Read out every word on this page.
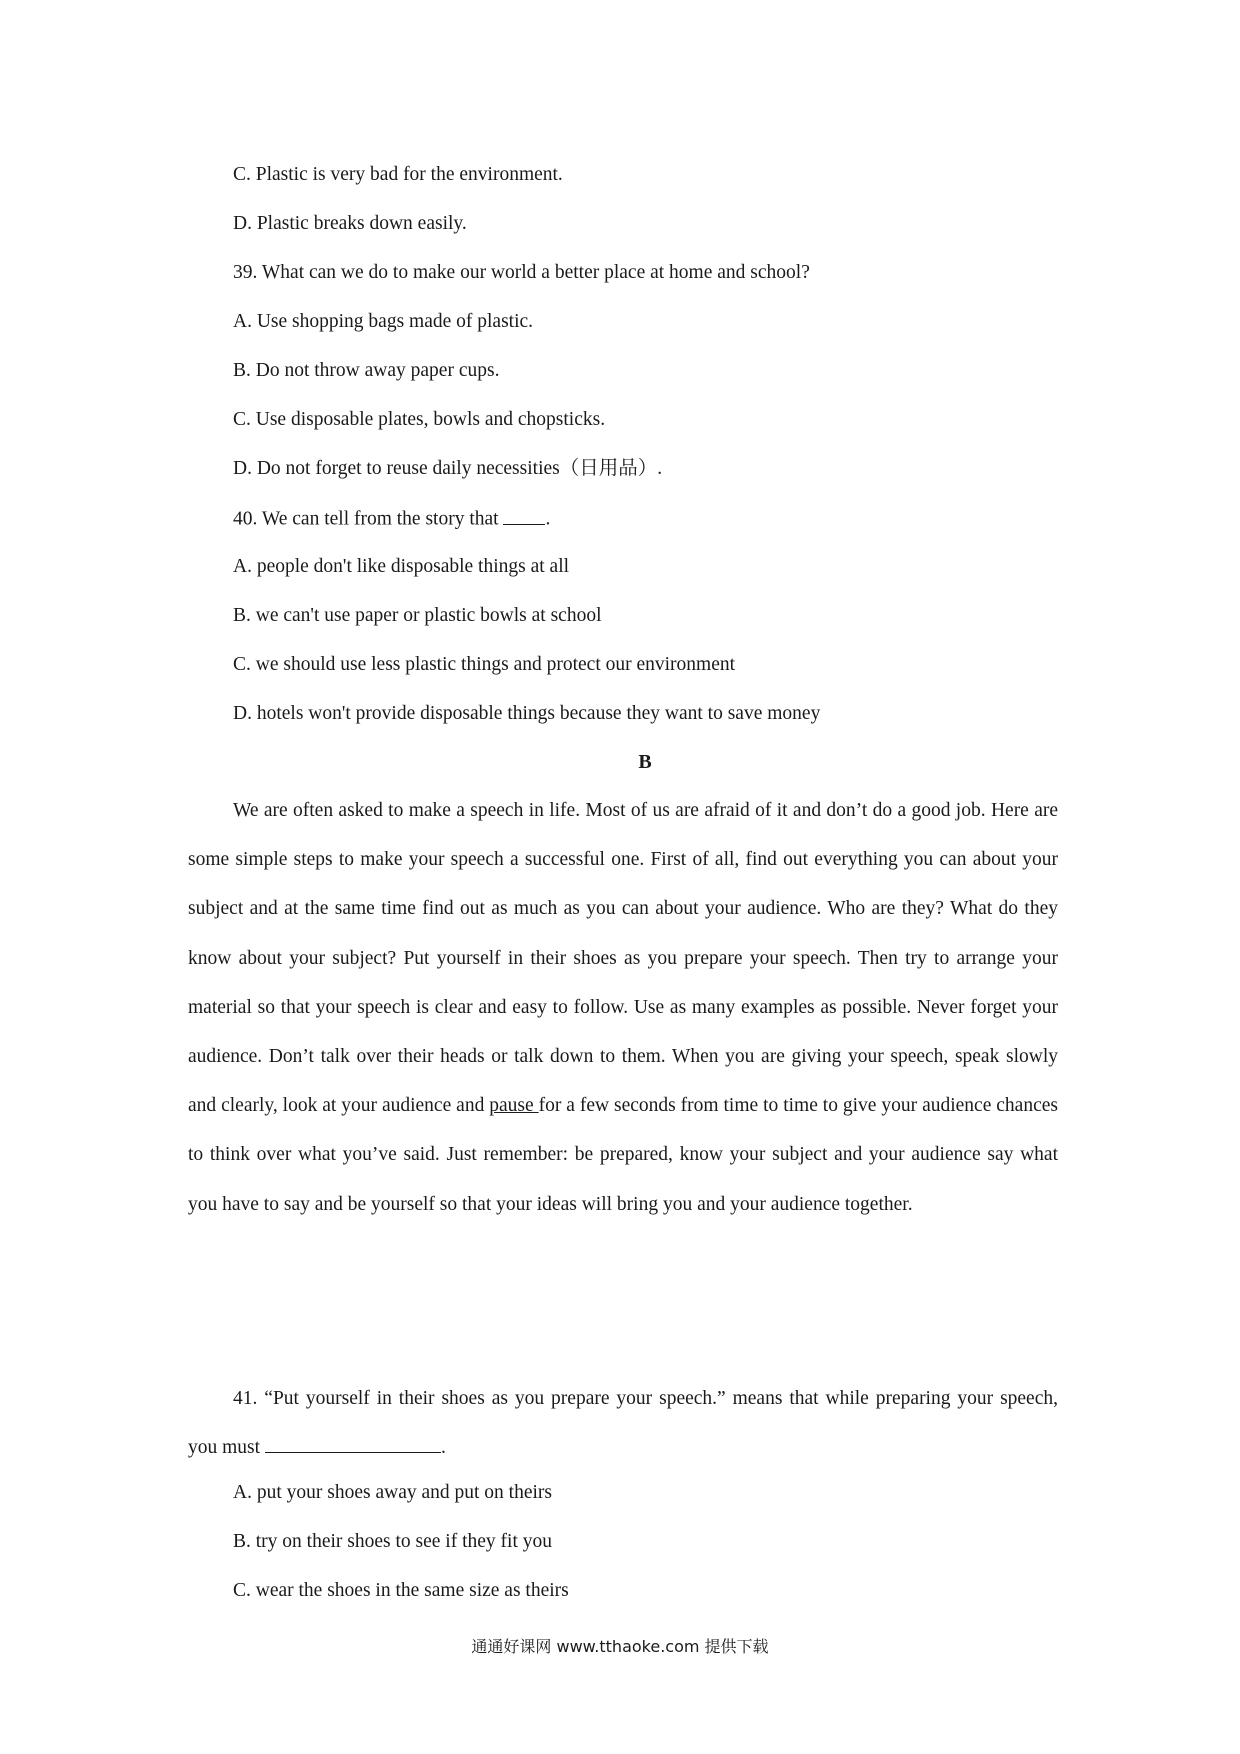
C. Plastic is very bad for the environment.
D. Plastic breaks down easily.
39. What can we do to make our world a better place at home and school?
A. Use shopping bags made of plastic.
B. Do not throw away paper cups.
C. Use disposable plates, bowls and chopsticks.
D. Do not forget to reuse daily necessities（日用品）.
40. We can tell from the story that .
A. people don't like disposable things at all
B. we can't use paper or plastic bowls at school
C. we should use less plastic things and protect our environment
D. hotels won't provide disposable things because they want to save money
B

We are often asked to make a speech in life. Most of us are afraid of it and don’t do a good job. Here are some simple steps to make your speech a successful one. First of all, find out everything you can about your subject and at the same time find out as much as you can about your audience. Who are they? What do they know about your subject? Put yourself in their shoes as you prepare your speech. Then try to arrange your material so that your speech is clear and easy to follow. Use as many examples as possible. Never forget your audience. Don’t talk over their heads or talk down to them. When you are giving your speech, speak slowly and clearly, look at your audience and pause for a few seconds from time to time to give your audience chances to think over what you’ve said. Just remember: be prepared, know your subject and your audience say what you have to say and be yourself so that your ideas will bring you and your audience together.

41. “Put yourself in their shoes as you prepare your speech.” means that while preparing your speech, you must	.

A. put your shoes away and put on theirs
B. try on their shoes to see if they fit you
C. wear the shoes in the same size as theirs
通通好课网 www.tthaoke.com 提供下载
